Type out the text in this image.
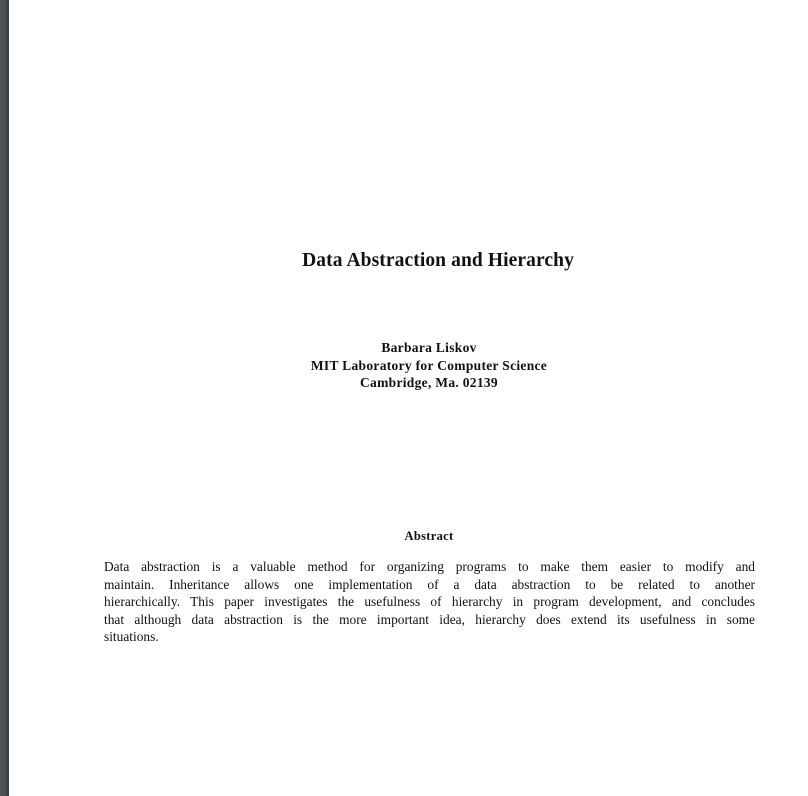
Data Abstraction and Hierarchy
Barbara Liskov
MIT Laboratory for Computer Science
Cambridge, Ma. 02139
Abstract
Data abstraction is a valuable method for organizing programs to make them easier to modify and
maintain. Inheritance allows one implementation of a data abstraction to be related to another
hierarchically. This paper investigates the usefulness of hierarchy in program development, and concludes
that although data abstraction is the more important idea, hierarchy does extend its usefulness in some
situations.
